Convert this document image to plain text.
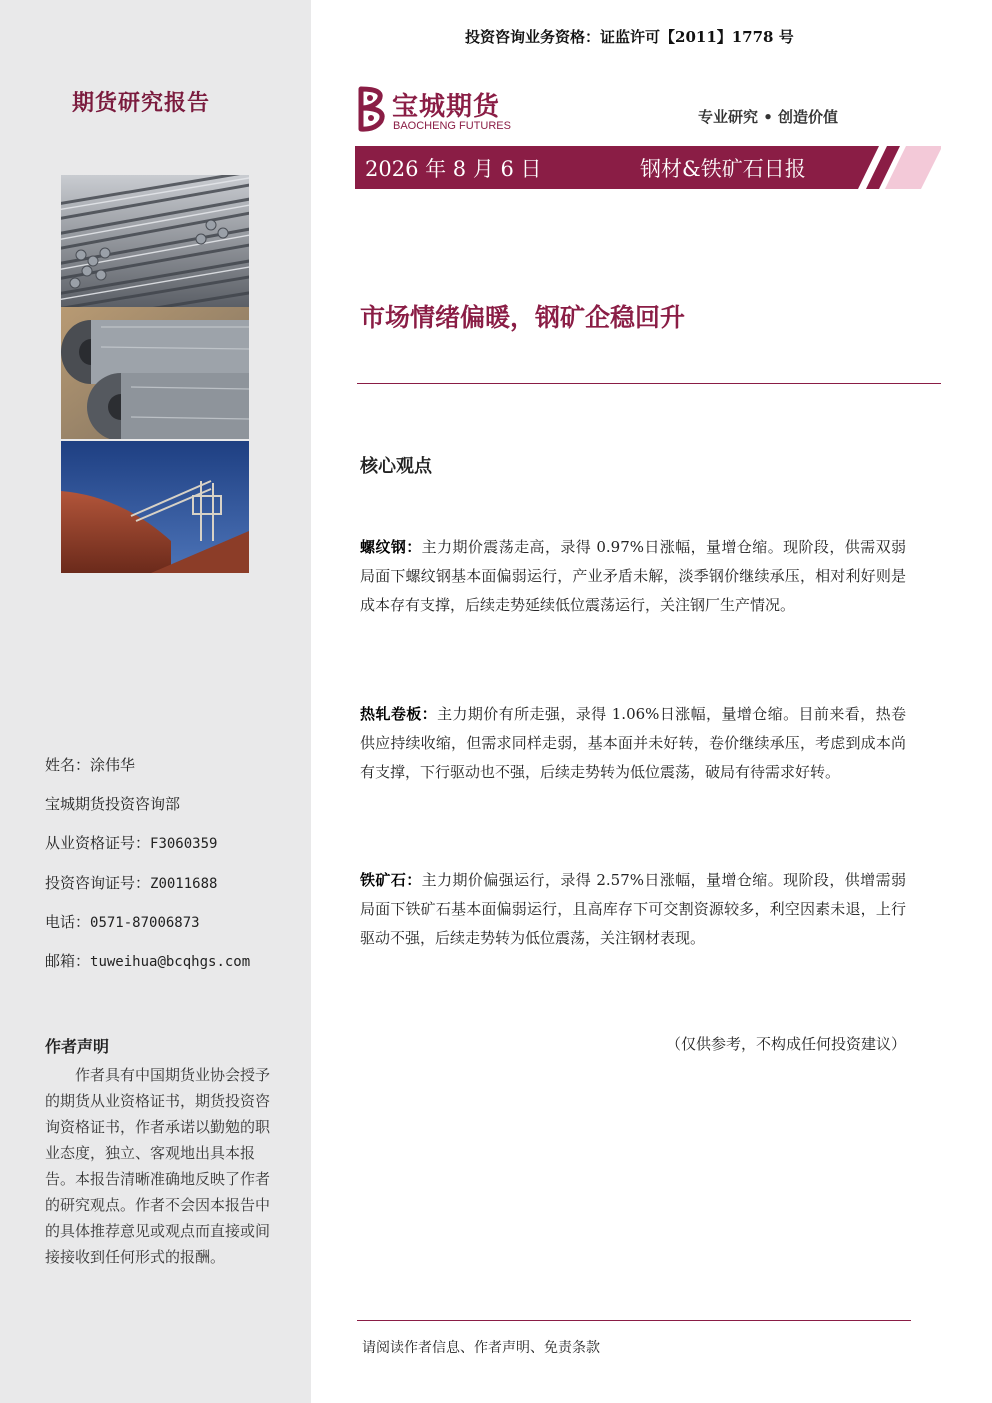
期货研究报告
姓名：涂伟华
宝城期货投资咨询部
从业资格证号：F3060359
投资咨询证号：Z0011688
电话：0571-87006873
邮箱：tuweihua@bcqhgs.com
作者声明
作者具有中国期货业协会授予的期货从业资格证书，期货投资咨询资格证书，作者承诺以勤勉的职业态度，独立、客观地出具本报告。本报告清晰准确地反映了作者的研究观点。作者不会因本报告中的具体推荐意见或观点而直接或间接接收到任何形式的报酬。
投资咨询业务资格：证监许可【2011】1778 号
宝城期货
BAOCHENG FUTURES	专业研究 • 创造价值
2026 年 8 月 6 日	钢材&铁矿石日报
市场情绪偏暖，钢矿企稳回升
核心观点
螺纹钢：主力期价震荡走高，录得 0.97%日涨幅，量增仓缩。现阶段，供需双弱局面下螺纹钢基本面偏弱运行，产业矛盾未解，淡季钢价继续承压，相对利好则是成本存有支撑，后续走势延续低位震荡运行，关注钢厂生产情况。
热轧卷板：主力期价有所走强，录得 1.06%日涨幅，量增仓缩。目前来看，热卷供应持续收缩，但需求同样走弱，基本面并未好转，卷价继续承压，考虑到成本尚有支撑，下行驱动也不强，后续走势转为低位震荡，破局有待需求好转。
铁矿石：主力期价偏强运行，录得 2.57%日涨幅，量增仓缩。现阶段，供增需弱局面下铁矿石基本面偏弱运行，且高库存下可交割资源较多，利空因素未退，上行驱动不强，后续走势转为低位震荡，关注钢材表现。
（仅供参考，不构成任何投资建议）
请阅读作者信息、作者声明、免责条款
